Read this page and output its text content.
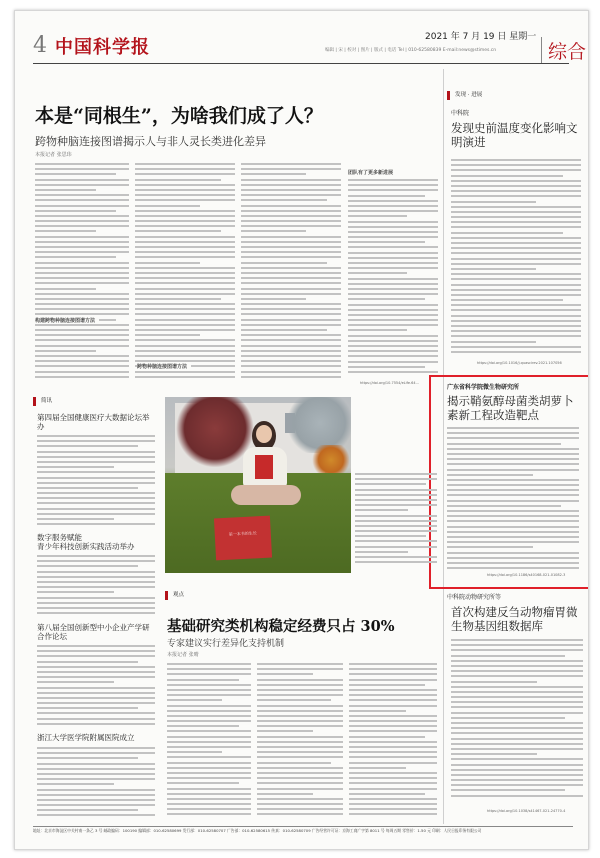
4 中国科学报	2021 年 7 月 19 日 星期一
编辑 | 宋 | 校对 | 图片 | 版式 | 电话 Tel | 010-62580839 E-mail:news@stimes.cn	综合
本是“同根生”，为啥我们成了人？
跨物种脑连接图谱揭示人与非人灵长类进化差异
本报记者 张思玮
团队有了更多新进展
构建跨物种脑连接图谱方法
跨物种脑连接图谱方法
https://doi.org/10.7554/eLife.64...
发现 · 进展
中科院
发现史前温度变化影响文明演进
https://doi.org/10.1016/j.quascirev.2021.107056
广东省科学院微生物研究所
揭示鞘氨醇母菌类胡萝卜素新工程改造靶点
https://doi.org/10.1186/s40168-021-01082-3
中科院动物研究所等
首次构建反刍动物瘤胃微生物基因组数据库
https://doi.org/10.1038/s41467-021-24770-4
简讯
第四届全国健康医疗大数据论坛举办
数字服务赋能
青少年科技创新实践活动举办
第八届全国创新型中小企业产学研合作论坛
浙江大学医学院附属医院成立
第一本书的生长
观点
基础研究类机构稳定经费只占 30%
专家建议实行差异化支持机制
本报记者 张晴
地址：北京市海淀区中关村南一条乙 3 号 邮政编码：100190 编辑部：010-62580699 发行部：010-62580707 广告部：010-62580615 传真：010-62580709 广告经营许可证：京海工商广字第 8011 号 每周五期 零售价：1.50 元 印刷：人民日报印务有限公司
